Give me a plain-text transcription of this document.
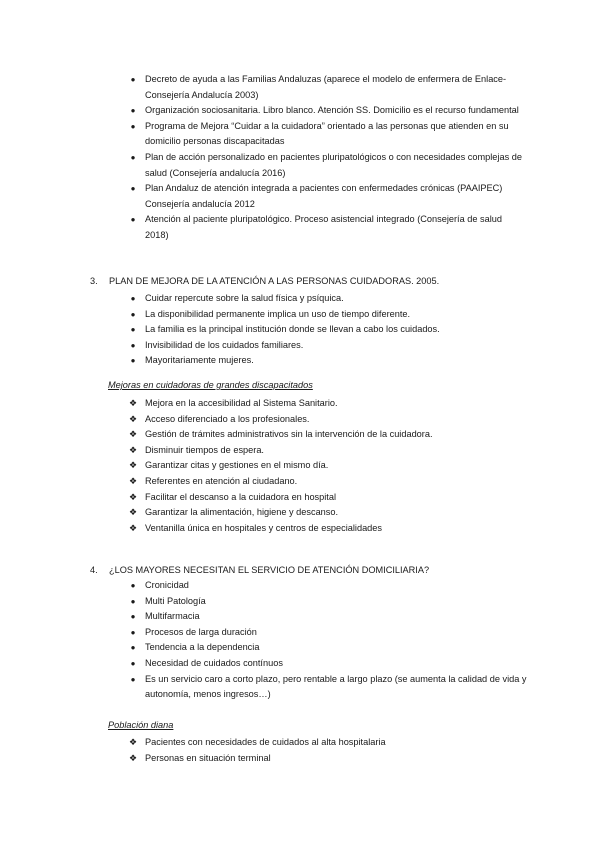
● Decreto de ayuda a las Familias Andaluzas (aparece el modelo de enfermera de Enlace-Consejería Andalucía 2003)
● Organización sociosanitaria. Libro blanco. Atención SS. Domicilio es el recurso fundamental
● Programa de Mejora “Cuidar a la cuidadora” orientado a las personas que atienden en su domicilio personas discapacitadas
● Plan de acción personalizado en pacientes pluripatológicos o con necesidades complejas de salud (Consejería andalucía 2016)
● Plan Andaluz de atención integrada a pacientes con enfermedades crónicas (PAAIPEC) Consejería andalucía 2012
● Atención al paciente pluripatológico. Proceso asistencial integrado (Consejería de salud 2018)
3. PLAN DE MEJORA DE LA ATENCIÓN A LAS PERSONAS CUIDADORAS. 2005.
● Cuidar repercute sobre la salud física y psíquica.
● La disponibilidad permanente implica un uso de tiempo diferente.
● La familia es la principal institución donde se llevan a cabo los cuidados.
● Invisibilidad de los cuidados familiares.
● Mayoritariamente mujeres.
Mejoras en cuidadoras de grandes discapacitados
❖ Mejora en la accesibilidad al Sistema Sanitario.
❖ Acceso diferenciado a los profesionales.
❖ Gestión de trámites administrativos sin la intervención de la cuidadora.
❖ Disminuir tiempos de espera.
❖ Garantizar citas y gestiones en el mismo día.
❖ Referentes en atención al ciudadano.
❖ Facilitar el descanso a la cuidadora en hospital
❖ Garantizar la alimentación, higiene y descanso.
❖ Ventanilla única en hospitales y centros de especialidades
4. ¿LOS MAYORES NECESITAN EL SERVICIO DE ATENCIÓN DOMICILIARIA?
● Cronicidad
● Multi Patología
● Multifarmacia
● Procesos de larga duración
● Tendencia a la dependencia
● Necesidad de cuidados contínuos
● Es un servicio caro a corto plazo, pero rentable a largo plazo (se aumenta la calidad de vida y autonomía, menos ingresos…)
Población diana
❖ Pacientes con necesidades de cuidados al alta hospitalaria
❖ Personas en situación terminal
